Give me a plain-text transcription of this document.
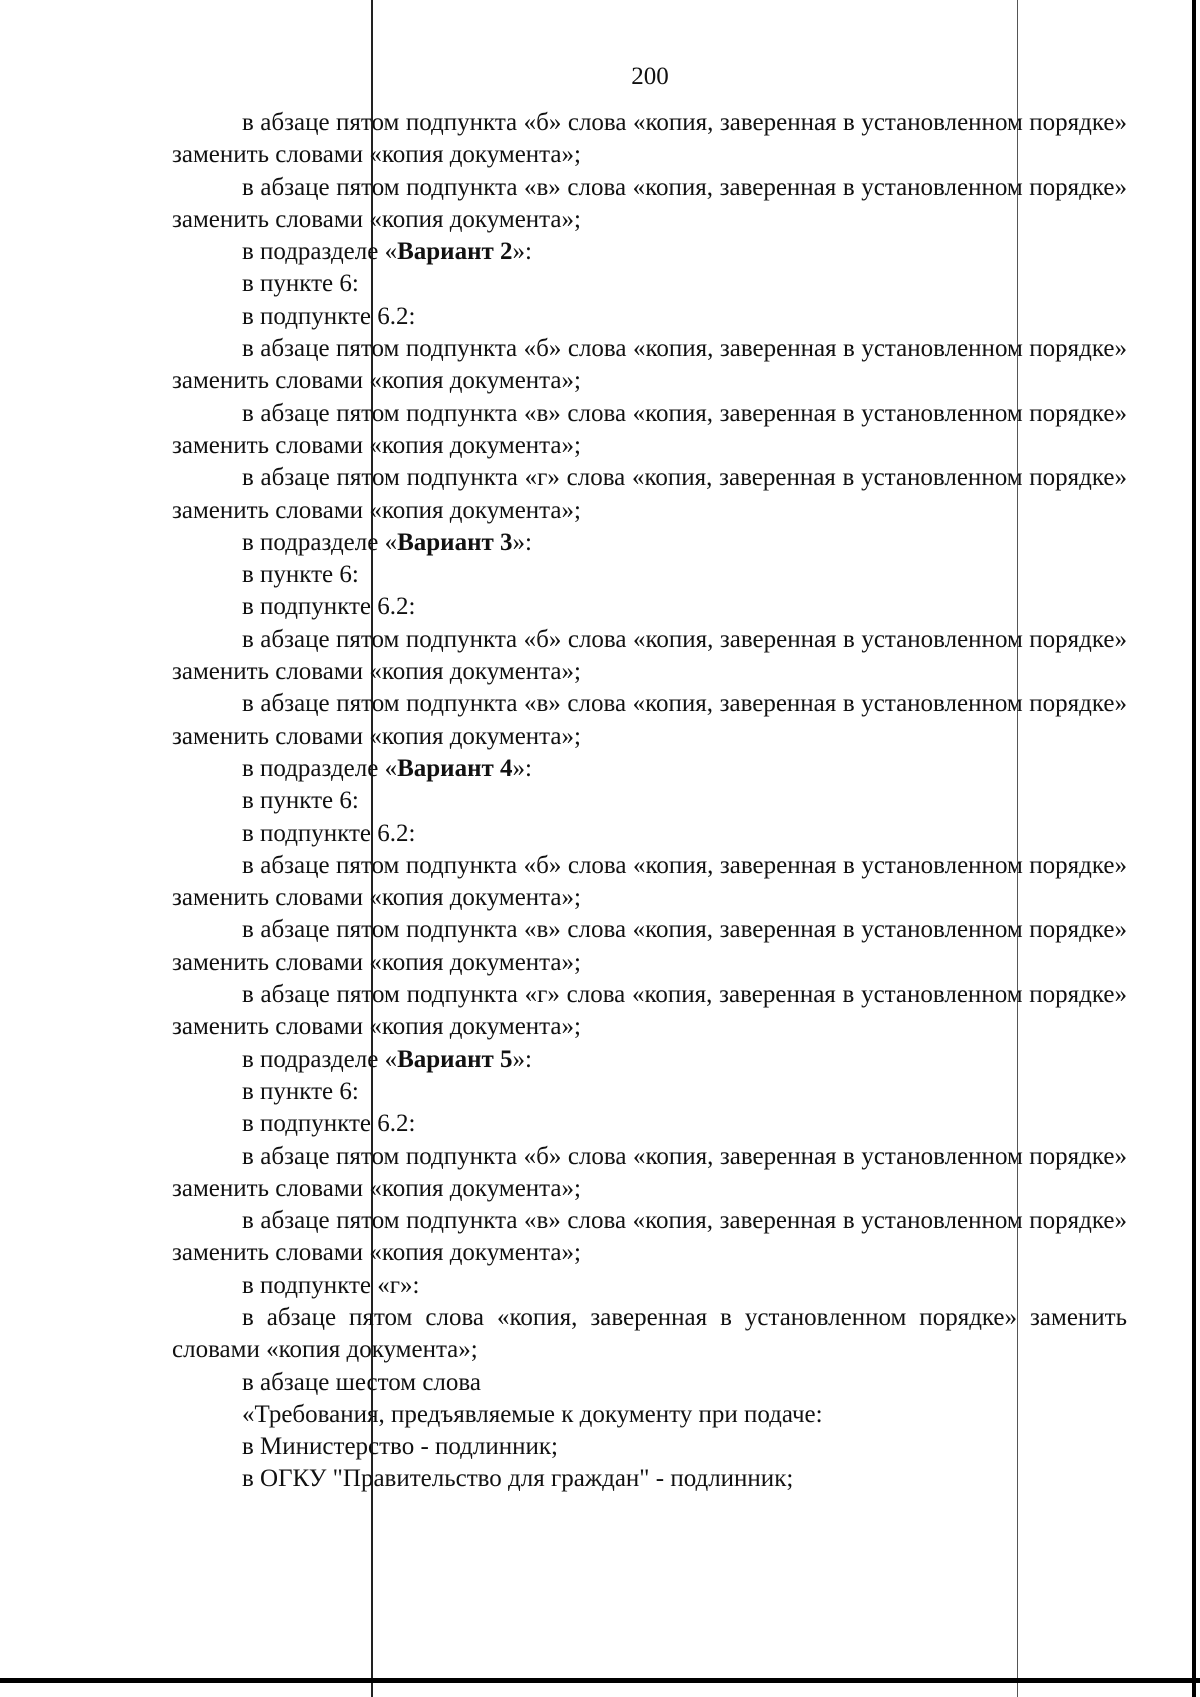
200

в абзаце пятом подпункта «б» слова «копия, заверенная в установленном порядке» заменить словами «копия документа»;

в абзаце пятом подпункта «в» слова «копия, заверенная в установленном порядке» заменить словами «копия документа»;

в подразделе «Вариант 2»:

в пункте 6:

в подпункте 6.2:

в абзаце пятом подпункта «б» слова «копия, заверенная в установленном порядке» заменить словами «копия документа»;

в абзаце пятом подпункта «в» слова «копия, заверенная в установленном порядке» заменить словами «копия документа»;

в абзаце пятом подпункта «г» слова «копия, заверенная в установленном порядке» заменить словами «копия документа»;

в подразделе «Вариант 3»:

в пункте 6:

в подпункте 6.2:

в абзаце пятом подпункта «б» слова «копия, заверенная в установленном порядке» заменить словами «копия документа»;

в абзаце пятом подпункта «в» слова «копия, заверенная в установленном порядке» заменить словами «копия документа»;

в подразделе «Вариант 4»:

в пункте 6:

в подпункте 6.2:

в абзаце пятом подпункта «б» слова «копия, заверенная в установленном порядке» заменить словами «копия документа»;

в абзаце пятом подпункта «в» слова «копия, заверенная в установленном порядке» заменить словами «копия документа»;

в абзаце пятом подпункта «г» слова «копия, заверенная в установленном порядке» заменить словами «копия документа»;

в подразделе «Вариант 5»:

в пункте 6:

в подпункте 6.2:

в абзаце пятом подпункта «б» слова «копия, заверенная в установленном порядке» заменить словами «копия документа»;

в абзаце пятом подпункта «в» слова «копия, заверенная в установленном порядке» заменить словами «копия документа»;

в подпункте «г»:

в абзаце пятом слова «копия, заверенная в установленном порядке» заменить словами «копия документа»;

в абзаце шестом слова

«Требования, предъявляемые к документу при подаче:

в Министерство - подлинник;

в ОГКУ "Правительство для граждан" - подлинник;
